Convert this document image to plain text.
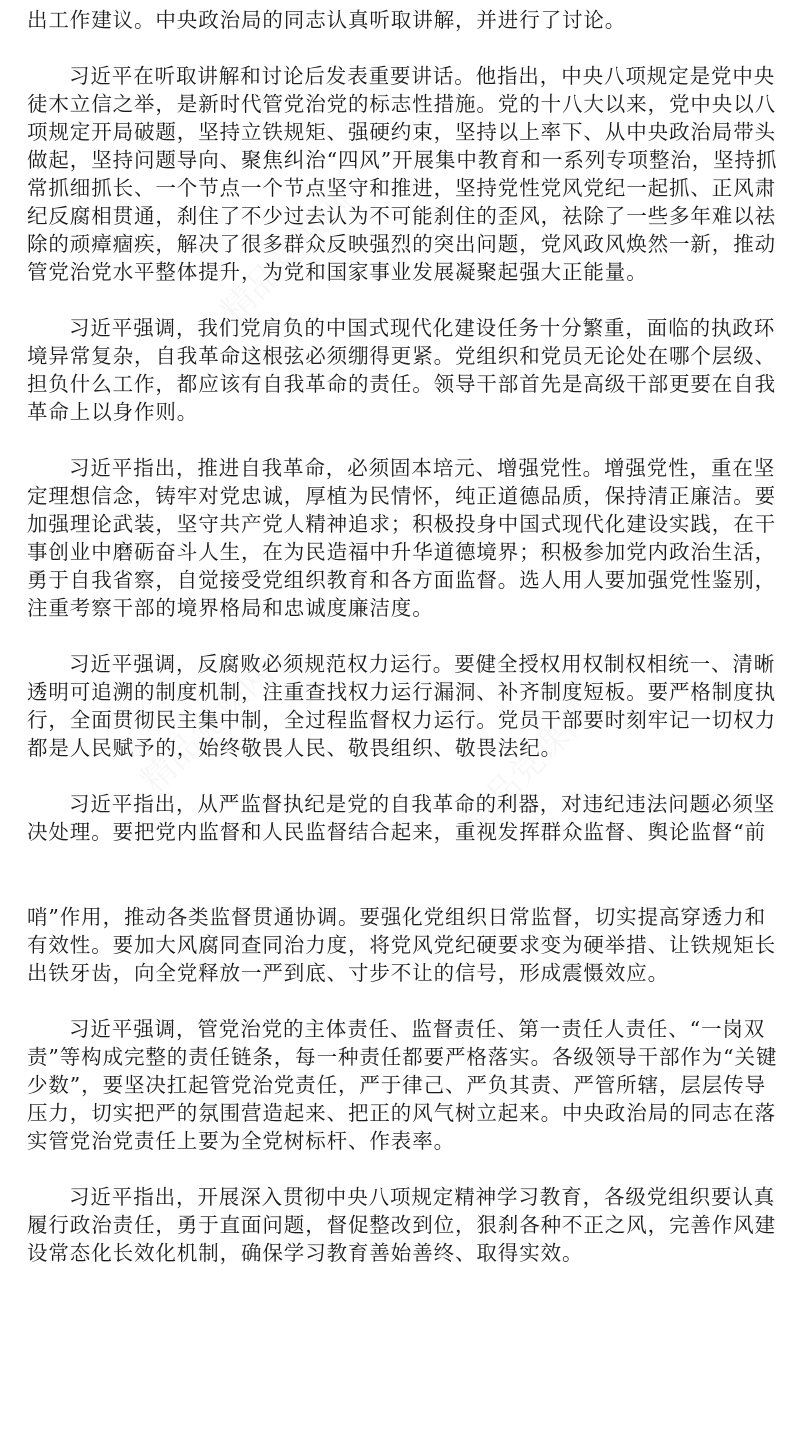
出工作建议。中央政治局的同志认真听取讲解，并进行了讨论。
习近平在听取讲解和讨论后发表重要讲话。他指出，中央八项规定是党中央
徒木立信之举，是新时代管党治党的标志性措施。党的十八大以来，党中央以八
项规定开局破题，坚持立铁规矩、强硬约束，坚持以上率下、从中央政治局带头
做起，坚持问题导向、聚焦纠治“四风”开展集中教育和一系列专项整治，坚持抓
常抓细抓长、一个节点一个节点坚守和推进，坚持党性党风党纪一起抓、正风肃
纪反腐相贯通，刹住了不少过去认为不可能刹住的歪风，祛除了一些多年难以祛
除的顽瘴痼疾，解决了很多群众反映强烈的突出问题，党风政风焕然一新，推动
管党治党水平整体提升，为党和国家事业发展凝聚起强大正能量。
习近平强调，我们党肩负的中国式现代化建设任务十分繁重，面临的执政环
境异常复杂，自我革命这根弦必须绷得更紧。党组织和党员无论处在哪个层级、
担负什么工作，都应该有自我革命的责任。领导干部首先是高级干部更要在自我
革命上以身作则。
习近平指出，推进自我革命，必须固本培元、增强党性。增强党性，重在坚
定理想信念，铸牢对党忠诚，厚植为民情怀，纯正道德品质，保持清正廉洁。要
加强理论武装，坚守共产党人精神追求；积极投身中国式现代化建设实践，在干
事创业中磨砺奋斗人生，在为民造福中升华道德境界；积极参加党内政治生活，
勇于自我省察，自觉接受党组织教育和各方面监督。选人用人要加强党性鉴别，
注重考察干部的境界格局和忠诚度廉洁度。
习近平强调，反腐败必须规范权力运行。要健全授权用权制权相统一、清晰
透明可追溯的制度机制，注重查找权力运行漏洞、补齐制度短板。要严格制度执
行，全面贯彻民主集中制，全过程监督权力运行。党员干部要时刻牢记一切权力
都是人民赋予的，始终敬畏人民、敬畏组织、敬畏法纪。
习近平指出，从严监督执纪是党的自我革命的利器，对违纪违法问题必须坚
决处理。要把党内监督和人民监督结合起来，重视发挥群众监督、舆论监督“前
哨”作用，推动各类监督贯通协调。要强化党组织日常监督，切实提高穿透力和
有效性。要加大风腐同查同治力度，将党风党纪硬要求变为硬举措、让铁规矩长
出铁牙齿，向全党释放一严到底、寸步不让的信号，形成震慑效应。
习近平强调，管党治党的主体责任、监督责任、第一责任人责任、“一岗双
责”等构成完整的责任链条，每一种责任都要严格落实。各级领导干部作为“关键
少数”，要坚决扛起管党治党责任，严于律己、严负其责、严管所辖，层层传导
压力，切实把严的氛围营造起来、把正的风气树立起来。中央政治局的同志在落
实管党治党责任上要为全党树标杆、作表率。
习近平指出，开展深入贯彻中央八项规定精神学习教育，各级党组织要认真
履行政治责任，勇于直面问题，督促整改到位，狠刹各种不正之风，完善作风建
设常态化长效化机制，确保学习教育善始善终、取得实效。
